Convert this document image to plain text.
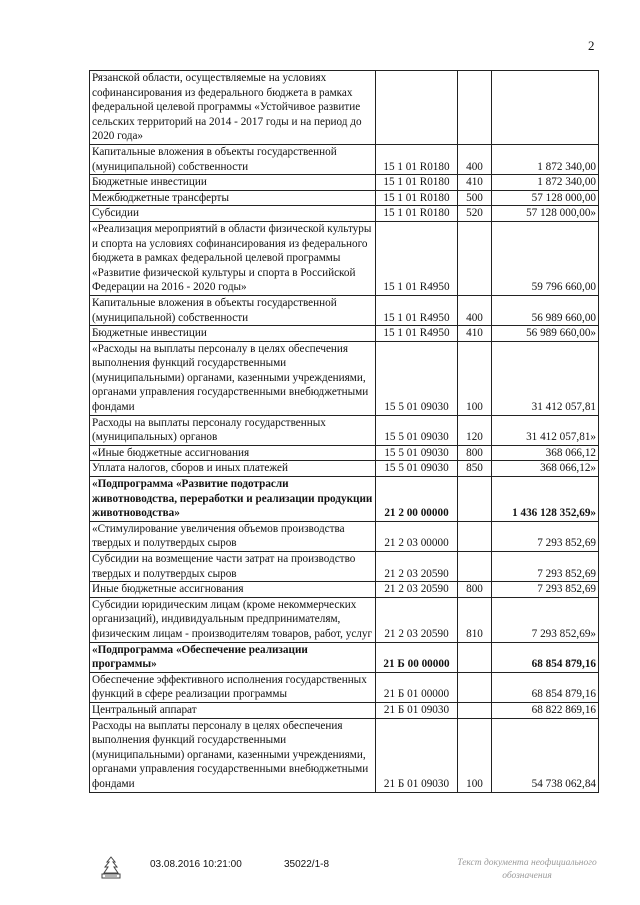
2
Рязанской области, осуществляемые на условиях софинансирования из федерального бюджета в рамках федеральной целевой программы «Устойчивое развитие сельских территорий на 2014 - 2017 годы и на период до 2020 года»			
Капитальные вложения в объекты государственной (муниципальной) собственности	15 1 01 R0180	400	1 872 340,00
Бюджетные инвестиции	15 1 01 R0180	410	1 872 340,00
Межбюджетные трансферты	15 1 01 R0180	500	57 128 000,00
Субсидии	15 1 01 R0180	520	57 128 000,00»
«Реализация мероприятий в области физической культуры и спорта на условиях софинансирования из федерального бюджета в рамках федеральной целевой программы «Развитие физической культуры и спорта в Российской Федерации на 2016 - 2020 годы»	15 1 01 R4950		59 796 660,00
Капитальные вложения в объекты государственной (муниципальной) собственности	15 1 01 R4950	400	56 989 660,00
Бюджетные инвестиции	15 1 01 R4950	410	56 989 660,00»
«Расходы на выплаты персоналу в целях обеспечения выполнения функций государственными (муниципальными) органами, казенными учреждениями, органами управления государственными внебюджетными фондами	15 5 01 09030	100	31 412 057,81
Расходы на выплаты персоналу государственных (муниципальных) органов	15 5 01 09030	120	31 412 057,81»
«Иные бюджетные ассигнования	15 5 01 09030	800	368 066,12
Уплата налогов, сборов и иных платежей	15 5 01 09030	850	368 066,12»
«Подпрограмма «Развитие подотрасли животноводства, переработки и реализации продукции животноводства»	21 2 00 00000		1 436 128 352,69»
«Стимулирование увеличения объемов производства твердых и полутвердых сыров	21 2 03 00000		7 293 852,69
Субсидии на возмещение части затрат на производство твердых и полутвердых сыров	21 2 03 20590		7 293 852,69
Иные бюджетные ассигнования	21 2 03 20590	800	7 293 852,69
Субсидии юридическим лицам (кроме некоммерческих организаций), индивидуальным предпринимателям, физическим лицам - производителям товаров, работ, услуг	21 2 03 20590	810	7 293 852,69»
«Подпрограмма «Обеспечение реализации программы»	21 Б 00 00000		68 854 879,16
Обеспечение эффективного исполнения государственных функций в сфере реализации программы	21 Б 01 00000		68 854 879,16
Центральный аппарат	21 Б 01 09030		68 822 869,16
Расходы на выплаты персоналу в целях обеспечения выполнения функций государственными (муниципальными) органами, казенными учреждениями, органами управления государственными внебюджетными фондами	21 Б 01 09030	100	54 738 062,84
03.08.2016 10:21:00	35022/1-8	Текст документа неофициального обозначения
